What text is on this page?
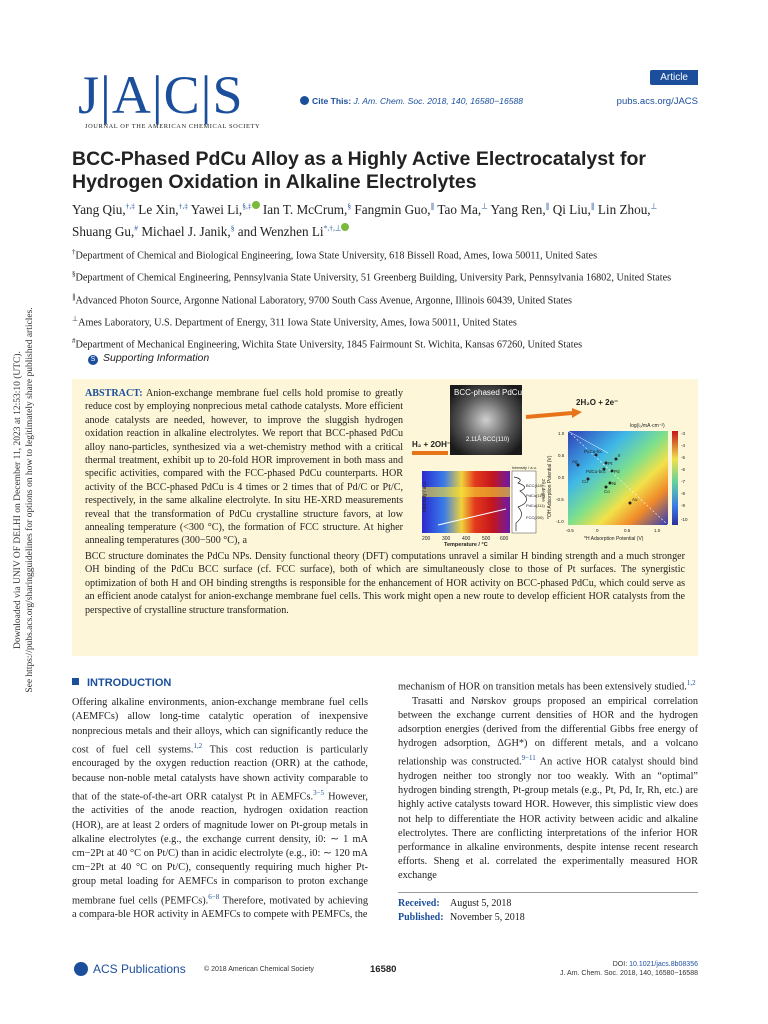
Downloaded via UNIV OF DELHI on December 11, 2023 at 12:53:10 (UTC). See https://pubs.acs.org/sharingguidelines for options on how to legitimately share published articles.
J|A|C|S
JOURNAL OF THE AMERICAN CHEMICAL SOCIETY
Cite This: J. Am. Chem. Soc. 2018, 140, 16580−16588
Article
pubs.acs.org/JACS
BCC-Phased PdCu Alloy as a Highly Active Electrocatalyst for Hydrogen Oxidation in Alkaline Electrolytes
Yang Qiu,†,‡ Le Xin,†,‡ Yawei Li,§,‡ Ian T. McCrum,§ Fangmin Guo,∥ Tao Ma,⊥ Yang Ren,∥ Qi Liu,∥ Lin Zhou,⊥ Shuang Gu,# Michael J. Janik,§ and Wenzhen Li*,†,⊥

†Department of Chemical and Biological Engineering, Iowa State University, 618 Bissell Road, Ames, Iowa 50011, United Sates

§Department of Chemical Engineering, Pennsylvania State University, 51 Greenberg Building, University Park, Pennsylvania 16802, United States

∥Advanced Photon Source, Argonne National Laboratory, 9700 South Cass Avenue, Argonne, Illinois 60439, United States

⊥Ames Laboratory, U.S. Department of Energy, 311 Iowa State University, Ames, Iowa 50011, United States

#Department of Mechanical Engineering, Wichita State University, 1845 Fairmount St. Wichita, Kansas 67260, United States

S Supporting Information
ABSTRACT: Anion-exchange membrane fuel cells hold promise to greatly reduce cost by employing nonprecious metal cathode catalysts. More efficient anode catalysts are needed, however, to improve the sluggish hydrogen oxidation reaction in alkaline electrolytes. We report that BCC-phased PdCu alloy nano-particles, synthesized via a wet-chemistry method with a critical thermal treatment, exhibit up to 20-fold HOR improvement in both mass and specific activities, compared with the FCC-phased PdCu counterparts. HOR activity of the BCC-phased PdCu is 4 times or 2 times that of Pd/C or Pt/C, respectively, in the same alkaline electrolyte. In situ HE-XRD measurements reveal that the transformation of PdCu crystalline structure favors, at low annealing temperature (<300 °C), the formation of FCC structure. At higher annealing temperatures (300−500 °C), a
BCC structure dominates the PdCu NPs. Density functional theory (DFT) computations unravel a similar H binding strength and a much stronger OH binding of the PdCu BCC surface (cf. FCC surface), both of which are simultaneously close to those of Pt surfaces. The synergistic optimization of both H and OH binding strengths is responsible for the enhancement of HOR activity on BCC-phased PdCu, which could serve as an efficient anode catalyst for anion-exchange membrane fuel cells. This work might open a new route to develop efficient HOR catalysts from the perspective of crystalline structure transformation.
BCC-phased PdCu
2.11Å BCC(110)
2H₂O + 2e⁻
H₂ + 2OH⁻
Intensity / a.u.
200 300 400 500 600
Temperature / °C
Intensity / a.u.
BCC(110)
PdCu(110)
PdCu(111)
FCC(200)
2θ / degree
log(i₀/mA·cm⁻²)
-3
-4
-5
-6
-7
-8
-9
-10
1.0
0.5
0.0
-0.5
-1.0
-0.5	0	0.5	1.0
*H Adsorption Potential (V)
*OH Adsorption Potential (V)
PdCu-fcc
Pt
PdCu-bcc Pd
Ag
Ni
Cu
Co
Au
Ir
INTRODUCTION

Offering alkaline environments, anion-exchange membrane fuel cells (AEMFCs) allow long-time catalytic operation of inexpensive nonprecious metals and their alloys, which can significantly reduce the cost of fuel cell systems.$^{1,2}$ This cost reduction is particularly encouraged by the oxygen reduction reaction (ORR) at the cathode, because non-noble metal catalysts have shown activity comparable to that of the state-of-the-art ORR catalyst Pt in AEMFCs.$^{3-5}$ However, the activities of the anode reaction, hydrogen oxidation reaction (HOR), are at least 2 orders of magnitude lower on Pt-group metals in alkaline electrolytes (e.g., the exchange current density, i0: ∼ 1 mA cm−2Pt at 40 °C on Pt/C) than in acidic electrolyte (e.g., i0: ∼ 120 mA cm−2Pt at 40 °C on Pt/C), consequently requiring much higher Pt-group metal loading for AEMFCs in comparison to proton exchange membrane fuel cells (PEMFCs).$^{6-8}$ Therefore, motivated by achieving a compara-ble HOR activity in AEMFCs to compete with PEMFCs, the

mechanism of HOR on transition metals has been extensively studied.$^{1,2}$

Trasatti and Nørskov groups proposed an empirical correlation between the exchange current densities of HOR and the hydrogen adsorption energies (derived from the differential Gibbs free energy of hydrogen adsorption, ΔGH*) on different metals, and a volcano relationship was constructed.$^{9-11}$ An active HOR catalyst should bind hydrogen neither too strongly nor too weakly. With an “optimal” hydrogen binding strength, Pt-group metals (e.g., Pt, Pd, Ir, Rh, etc.) are highly active catalysts toward HOR. However, this simplistic view does not help to differentiate the HOR activity between acidic and alkaline electrolytes. There are conflicting interpretations of the inferior HOR performance in alkaline environments, despite intense recent research efforts. Sheng et al. correlated the experimentally measured HOR exchange

Received: August 5, 2018
Published: November 5, 2018
ACS Publications	© 2018 American Chemical Society	16580	DOI: 10.1021/jacs.8b08356
J. Am. Chem. Soc. 2018, 140, 16580−16588
